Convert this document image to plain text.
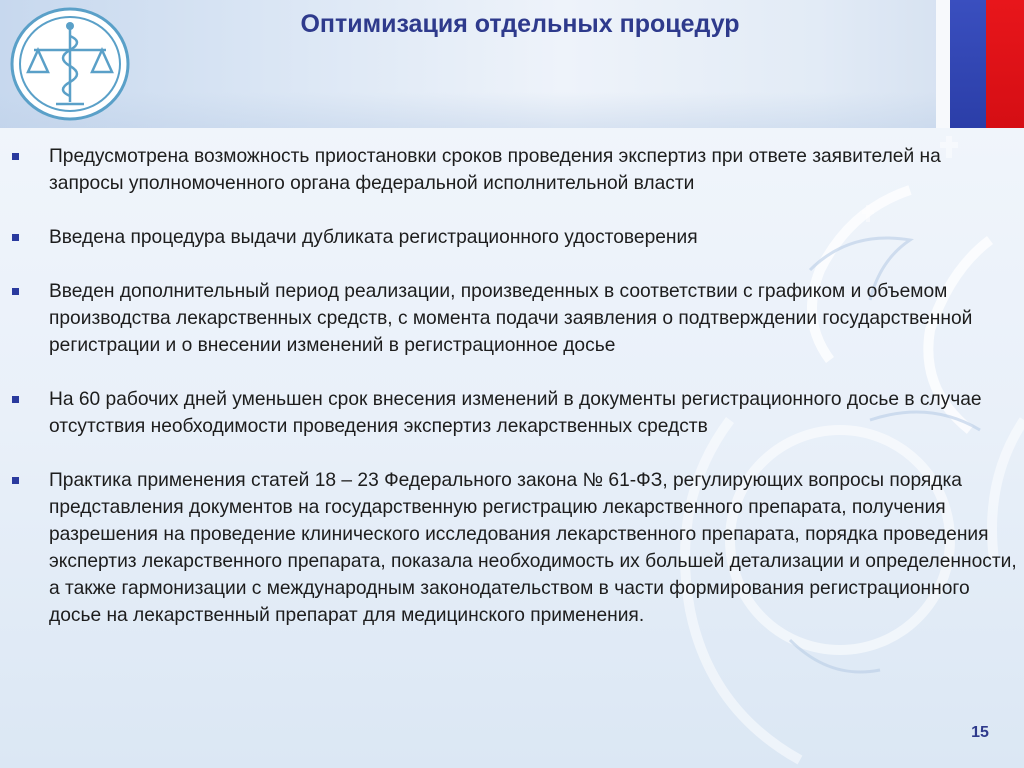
Оптимизация отдельных процедур
Предусмотрена возможность приостановки сроков проведения экспертиз при ответе заявителей на запросы уполномоченного органа федеральной исполнительной власти
Введена процедура выдачи дубликата регистрационного удостоверения
Введен дополнительный период реализации, произведенных в соответствии с графиком и объемом производства лекарственных средств, с момента подачи заявления о подтверждении государственной регистрации и о внесении изменений в регистрационное досье
На 60 рабочих дней уменьшен срок внесения изменений в документы регистрационного досье в случае отсутствия необходимости проведения экспертиз лекарственных средств
Практика применения статей 18 – 23 Федерального закона № 61-ФЗ, регулирующих вопросы порядка представления документов на государственную регистрацию лекарственного препарата, получения разрешения на проведение клинического исследования лекарственного препарата, порядка проведения экспертиз лекарственного препарата, показала необходимость их большей детализации и определенности, а также гармонизации с международным законодательством в части формирования регистрационного досье на лекарственный препарат для медицинского применения.
15
